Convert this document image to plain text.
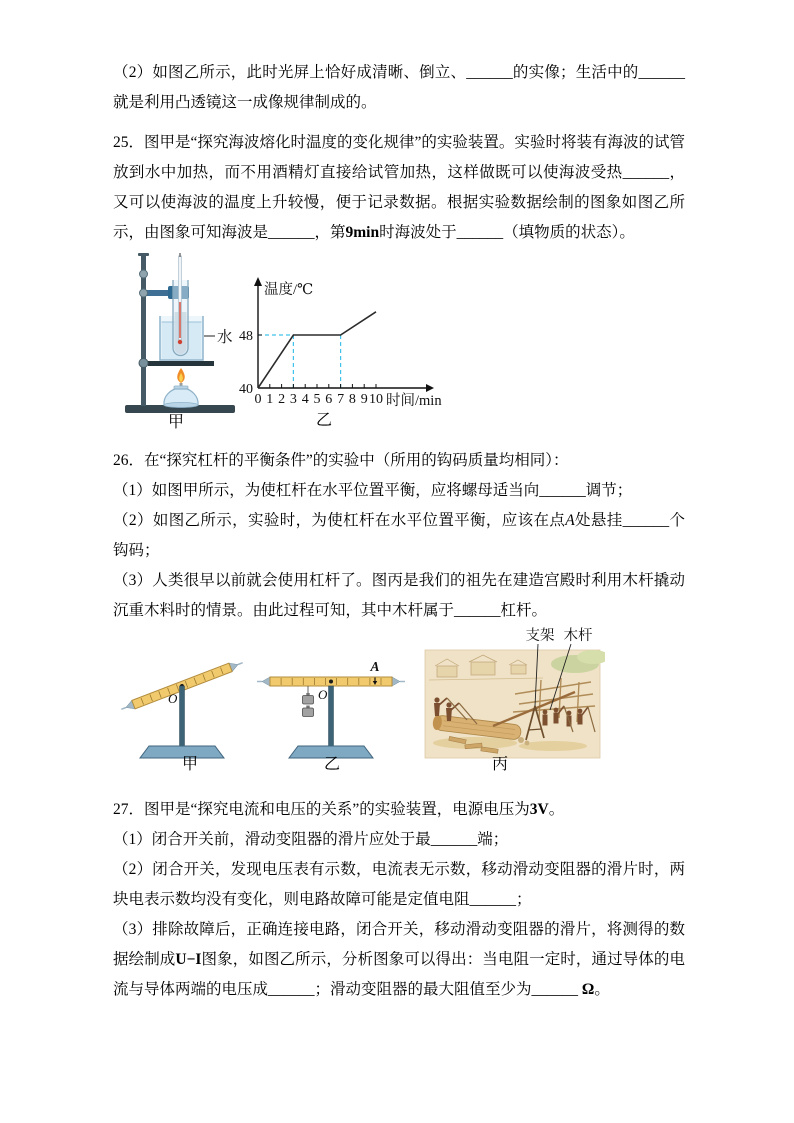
（2）如图乙所示，此时光屏上恰好成清晰、倒立、______的实像；生活中的______就是利用凸透镜这一成像规律制成的。

25．图甲是“探究海波熔化时温度的变化规律”的实验装置。实验时将装有海波的试管放到水中加热，而不用酒精灯直接给试管加热，这样做既可以使海波受热______，又可以使海波的温度上升较慢，便于记录数据。根据实验数据绘制的图象如图乙所示，由图象可知海波是______，第9min时海波处于______（填物质的状态）。

水
0 1 2 3 4 5 6 7 8 9 10
40
48
温度/℃
时间/min
甲	乙

26．在“探究杠杆的平衡条件”的实验中（所用的钩码质量均相同）：

（1）如图甲所示，为使杠杆在水平位置平衡，应将螺母适当向______调节；

（2）如图乙所示，实验时，为使杠杆在水平位置平衡，应该在点A处悬挂______个钩码；

（3）人类很早以前就会使用杠杆了。图丙是我们的祖先在建造宫殿时利用木杆撬动沉重木料时的情景。由此过程可知，其中木杆属于______杠杆。

O	O
A
支架 木杆
甲	乙	丙

27．图甲是“探究电流和电压的关系”的实验装置，电源电压为3V。

（1）闭合开关前，滑动变阻器的滑片应处于最______端；

（2）闭合开关，发现电压表有示数，电流表无示数，移动滑动变阻器的滑片时，两块电表示数均没有变化，则电路故障可能是定值电阻______；

（3）排除故障后，正确连接电路，闭合开关，移动滑动变阻器的滑片，将测得的数据绘制成U−I图象，如图乙所示，分析图象可以得出：当电阻一定时，通过导体的电流与导体两端的电压成______；滑动变阻器的最大阻值至少为______ Ω。
